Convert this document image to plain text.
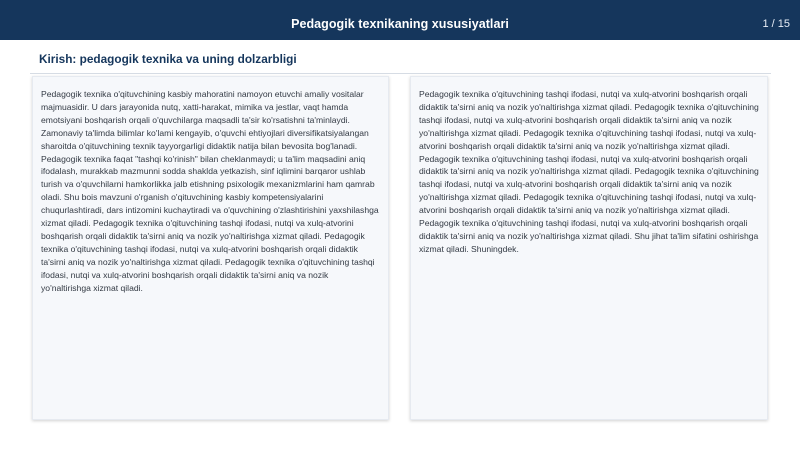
Pedagogik texnikaning xususiyatlari	1 / 15
Kirish: pedagogik texnika va uning dolzarbligi

Pedagogik texnika o'qituvchining kasbiy mahoratini namoyon etuvchi amaliy vositalar majmuasidir. U dars jarayonida nutq, xatti-harakat, mimika va jestlar, vaqt hamda emotsiyani boshqarish orqali o'quvchilarga maqsadli ta'sir ko'rsatishni ta'minlaydi. Zamonaviy ta'limda bilimlar ko'lami kengayib, o'quvchi ehtiyojlari diversifikatsiyalangan sharoitda o'qituvchining texnik tayyorgarligi didaktik natija bilan bevosita bog'lanadi. Pedagogik texnika faqat "tashqi ko'rinish" bilan cheklanmaydi; u ta'lim maqsadini aniq ifodalash, murakkab mazmunni sodda shaklda yetkazish, sinf iqlimini barqaror ushlab turish va o'quvchilarni hamkorlikka jalb etishning psixologik mexanizmlarini ham qamrab oladi. Shu bois mavzuni o'rganish o'qituvchining kasbiy kompetensiyalarini chuqurlashtiradi, dars intizomini kuchaytiradi va o'quvchining o'zlashtirishini yaxshilashga xizmat qiladi. Pedagogik texnika o'qituvchining tashqi ifodasi, nutqi va xulq-atvorini boshqarish orqali didaktik ta'sirni aniq va nozik yo'naltirishga xizmat qiladi. Pedagogik texnika o'qituvchining tashqi ifodasi, nutqi va xulq-atvorini boshqarish orqali didaktik ta'sirni aniq va nozik yo'naltirishga xizmat qiladi. Pedagogik texnika o'qituvchining tashqi ifodasi, nutqi va xulq-atvorini boshqarish orqali didaktik ta'sirni aniq va nozik yo'naltirishga xizmat qiladi.

Pedagogik texnika o'qituvchining tashqi ifodasi, nutqi va xulq-atvorini boshqarish orqali didaktik ta'sirni aniq va nozik yo'naltirishga xizmat qiladi. Pedagogik texnika o'qituvchining tashqi ifodasi, nutqi va xulq-atvorini boshqarish orqali didaktik ta'sirni aniq va nozik yo'naltirishga xizmat qiladi. Pedagogik texnika o'qituvchining tashqi ifodasi, nutqi va xulq-atvorini boshqarish orqali didaktik ta'sirni aniq va nozik yo'naltirishga xizmat qiladi. Pedagogik texnika o'qituvchining tashqi ifodasi, nutqi va xulq-atvorini boshqarish orqali didaktik ta'sirni aniq va nozik yo'naltirishga xizmat qiladi. Pedagogik texnika o'qituvchining tashqi ifodasi, nutqi va xulq-atvorini boshqarish orqali didaktik ta'sirni aniq va nozik yo'naltirishga xizmat qiladi. Pedagogik texnika o'qituvchining tashqi ifodasi, nutqi va xulq-atvorini boshqarish orqali didaktik ta'sirni aniq va nozik yo'naltirishga xizmat qiladi. Pedagogik texnika o'qituvchining tashqi ifodasi, nutqi va xulq-atvorini boshqarish orqali didaktik ta'sirni aniq va nozik yo'naltirishga xizmat qiladi. Shu jihat ta'lim sifatini oshirishga xizmat qiladi. Shuningdek.
